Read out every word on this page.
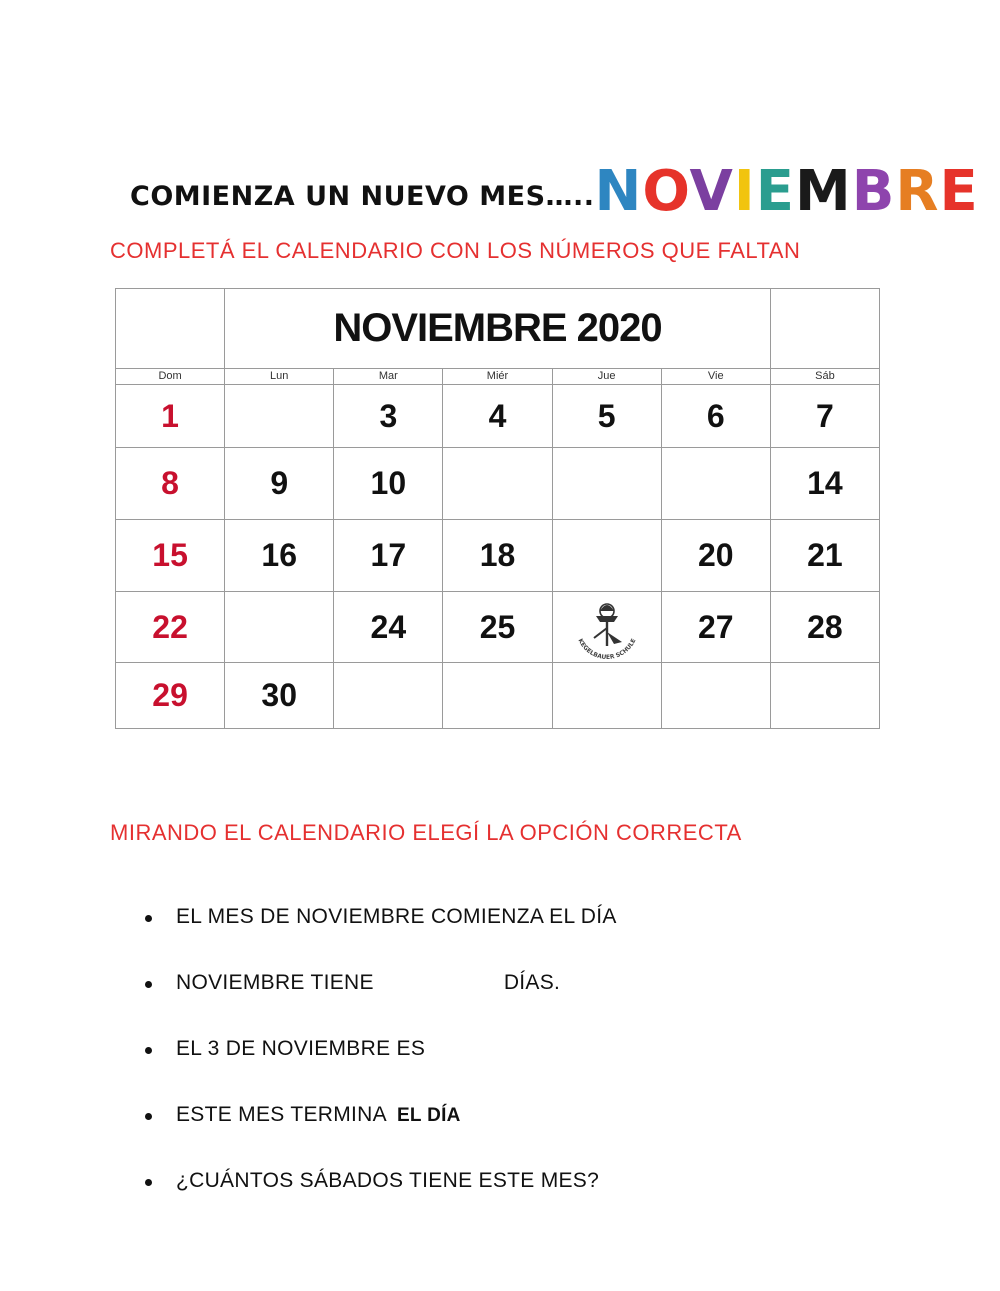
COMIENZA UN NUEVO MES….. NOVIEMBRE
COMPLETÁ EL CALENDARIO CON LOS NÚMEROS QUE FALTAN
	NOVIEMBRE 2020					
Dom	Lun	Mar	Miér	Jue	Vie	Sáb
1		3	4	5	6	7
8	9	10				14
15	16	17	18		20	21
22		24	25	KEGELBAUER SCHULE	27	28
29	30					
MIRANDO EL CALENDARIO ELEGÍ LA OPCIÓN CORRECTA
EL MES DE NOVIEMBRE COMIENZA EL DÍA
NOVIEMBRE TIENE	DÍAS.
EL 3 DE NOVIEMBRE ES
ESTE MES TERMINA EL DÍA
¿CUÁNTOS SÁBADOS TIENE ESTE MES?
